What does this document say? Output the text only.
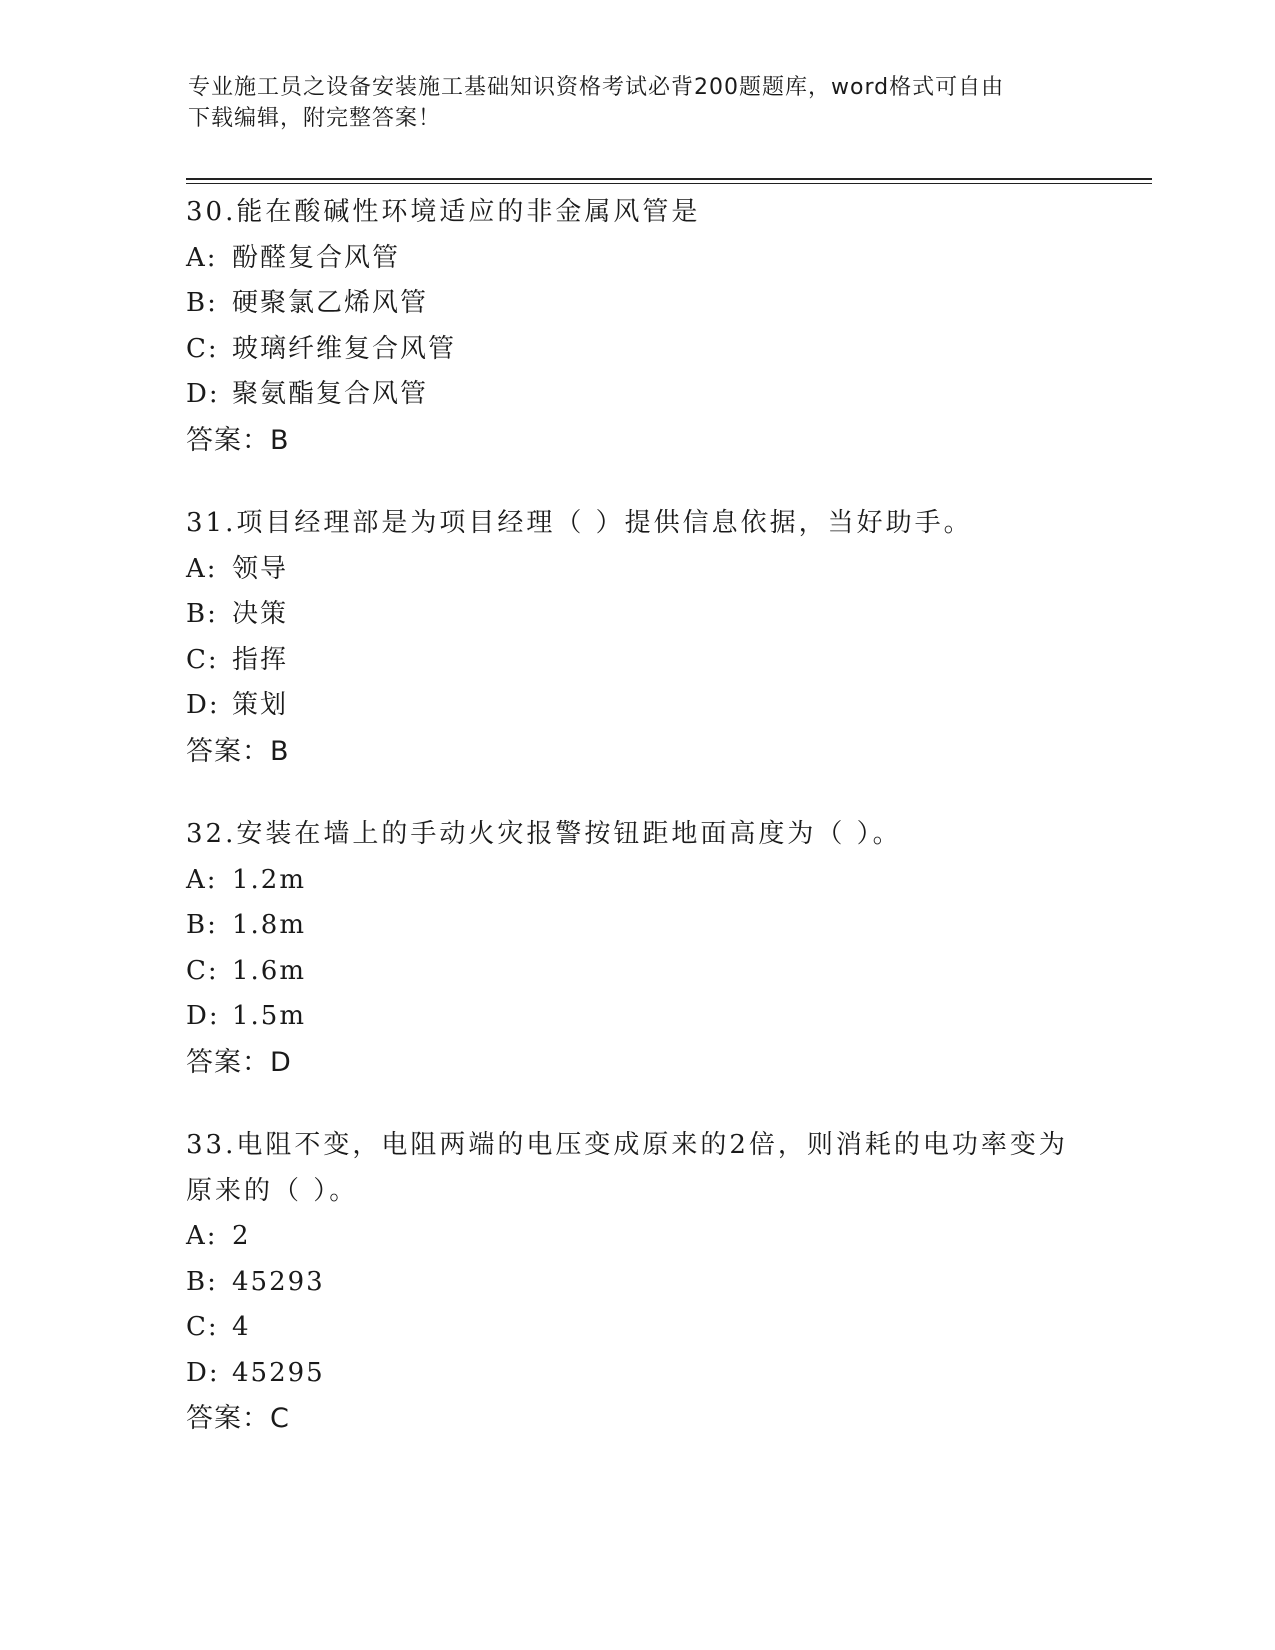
专业施工员之设备安装施工基础知识资格考试必背200题题库，word格式可自由
下载编辑，附完整答案！
30.能在酸碱性环境适应的非金属风管是
A: 酚醛复合风管
B: 硬聚氯乙烯风管
C: 玻璃纤维复合风管
D: 聚氨酯复合风管
答案：B
31.项目经理部是为项目经理（ ）提供信息依据，当好助手。
A: 领导
B: 决策
C: 指挥
D: 策划
答案：B
32.安装在墙上的手动火灾报警按钮距地面高度为（ ）。
A: 1.2m
B: 1.8m
C: 1.6m
D: 1.5m
答案：D
33.电阻不变，电阻两端的电压变成原来的2倍，则消耗的电功率变为
原来的（ ）。
A: 2
B: 45293
C: 4
D: 45295
答案：C
